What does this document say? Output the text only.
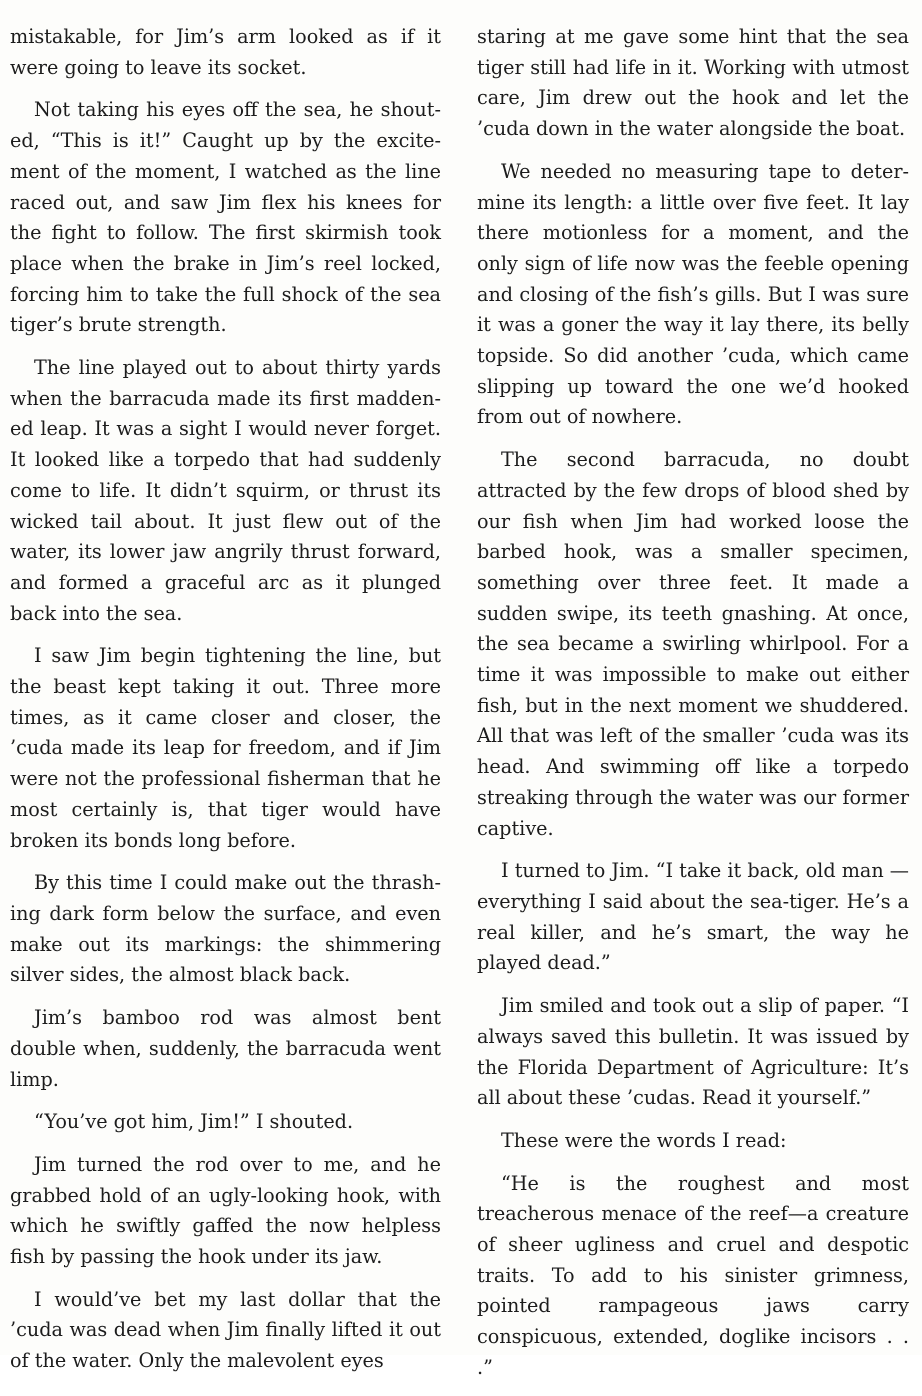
mistakable, for Jim’s arm looked as if it were going to leave its socket.

Not taking his eyes off the sea, he shouted, “This is it!” Caught up by the excitement of the moment, I watched as the line raced out, and saw Jim flex his knees for the fight to follow. The first skirmish took place when the brake in Jim’s reel locked, forcing him to take the full shock of the sea tiger’s brute strength.

The line played out to about thirty yards when the barracuda made its first maddened leap. It was a sight I would never forget. It looked like a torpedo that had suddenly come to life. It didn’t squirm, or thrust its wicked tail about. It just flew out of the water, its lower jaw angrily thrust forward, and formed a graceful arc as it plunged back into the sea.

I saw Jim begin tightening the line, but the beast kept taking it out. Three more times, as it came closer and closer, the ’cuda made its leap for freedom, and if Jim were not the professional fisherman that he most certainly is, that tiger would have broken its bonds long before.

By this time I could make out the thrashing dark form below the surface, and even make out its markings: the shimmering silver sides, the almost black back.

Jim’s bamboo rod was almost bent double when, suddenly, the barracuda went limp.

“You’ve got him, Jim!” I shouted.

Jim turned the rod over to me, and he grabbed hold of an ugly-looking hook, with which he swiftly gaffed the now helpless fish by passing the hook under its jaw.

I would’ve bet my last dollar that the ’cuda was dead when Jim finally lifted it out of the water. Only the malevolent eyes

staring at me gave some hint that the sea tiger still had life in it. Working with utmost care, Jim drew out the hook and let the ’cuda down in the water alongside the boat.

We needed no measuring tape to determine its length: a little over five feet. It lay there motionless for a moment, and the only sign of life now was the feeble opening and closing of the fish’s gills. But I was sure it was a goner the way it lay there, its belly topside. So did another ’cuda, which came slipping up toward the one we’d hooked from out of nowhere.

The second barracuda, no doubt attracted by the few drops of blood shed by our fish when Jim had worked loose the barbed hook, was a smaller specimen, something over three feet. It made a sudden swipe, its teeth gnashing. At once, the sea became a swirling whirlpool. For a time it was impossible to make out either fish, but in the next moment we shuddered. All that was left of the smaller ’cuda was its head. And swimming off like a torpedo streaking through the water was our former captive.

I turned to Jim. “I take it back, old man —everything I said about the sea-tiger. He’s a real killer, and he’s smart, the way he played dead.”

Jim smiled and took out a slip of paper. “I always saved this bulletin. It was issued by the Florida Department of Agriculture: It’s all about these ’cudas. Read it yourself.”

These were the words I read:

“He is the roughest and most treacherous menace of the reef—a creature of sheer ugliness and cruel and despotic traits. To add to his sinister grimness, pointed rampageous jaws carry conspicuous, extended, doglike incisors . . .”
